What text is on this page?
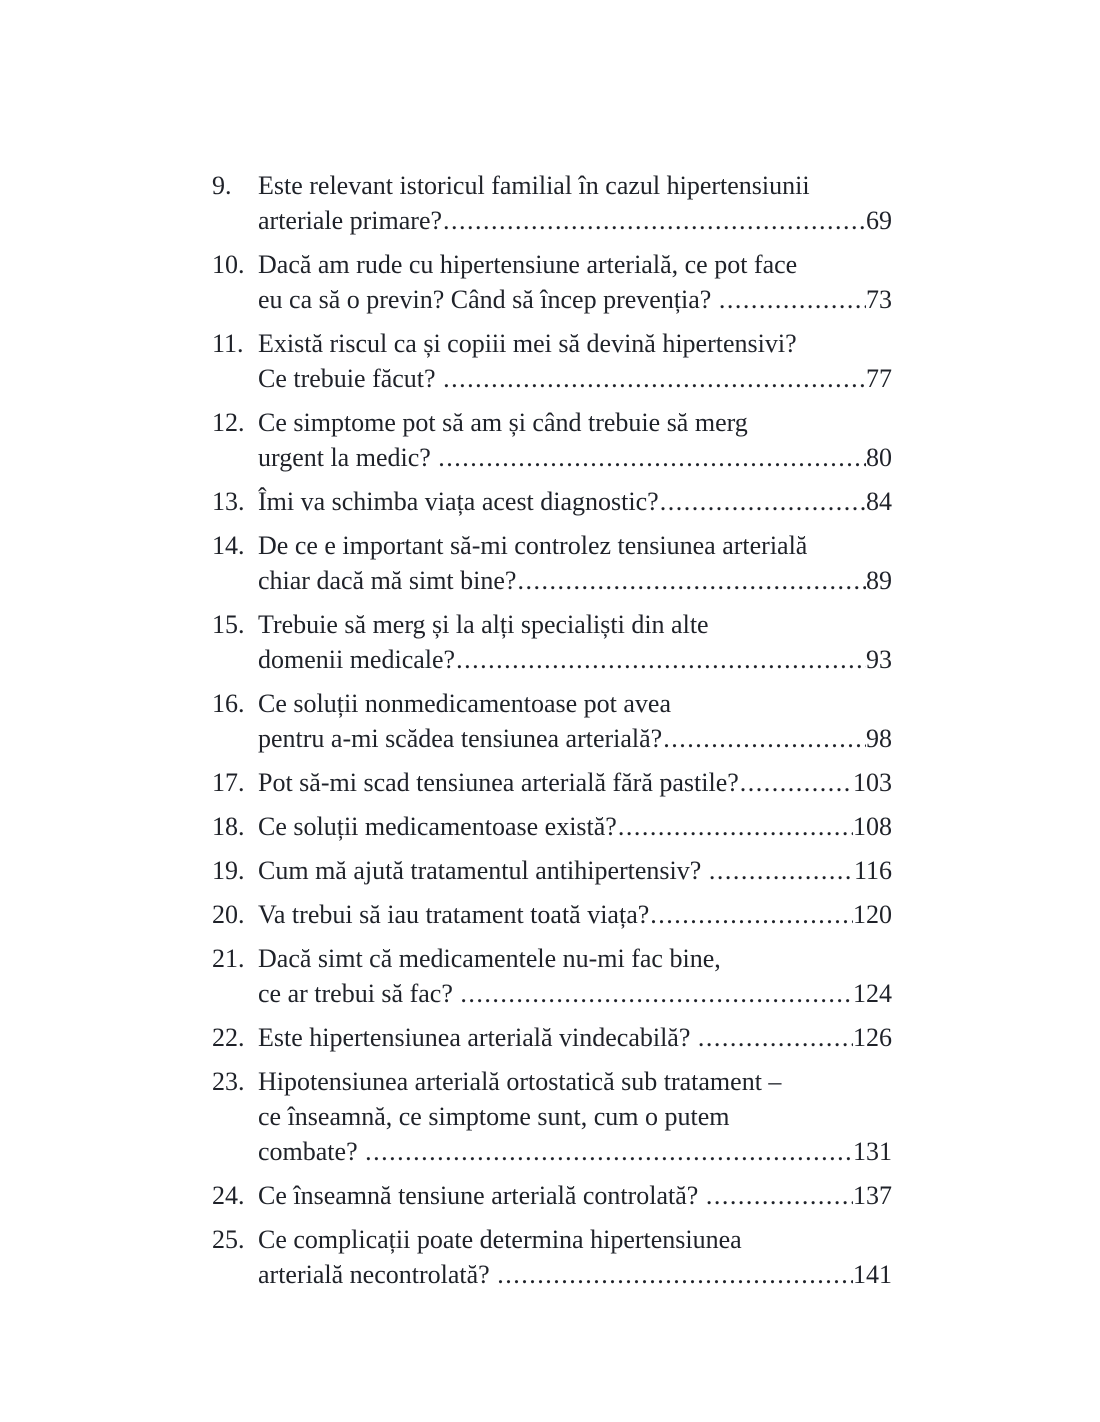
9.	Este relevant istoricul familial în cazul hipertensiunii
arteriale primare? .....	69
10. Dacă am rude cu hipertensiune arterială, ce pot face
eu ca să o previn? Când să încep prevenția? .....	73
11. Există riscul ca și copiii mei să devină hipertensivi?
Ce trebuie făcut? .....	77
12. Ce simptome pot să am și când trebuie să merg
urgent la medic? .....	80
13. Îmi va schimba viața acest diagnostic? .....	84
14. De ce e important să-mi controlez tensiunea arterială
chiar dacă mă simt bine? .....	89
15. Trebuie să merg și la alți specialiști din alte
domenii medicale? .....	93
16. Ce soluții nonmedicamentoase pot avea
pentru a-mi scădea tensiunea arterială? .....	98
17. Pot să-mi scad tensiunea arterială fără pastile? .....	103
18. Ce soluții medicamentoase există? .....	108
19. Cum mă ajută tratamentul antihipertensiv? .....	116
20. Va trebui să iau tratament toată viața? .....	120
21. Dacă simt că medicamentele nu-mi fac bine,
ce ar trebui să fac? .....	124
22. Este hipertensiunea arterială vindecabilă? .....	126
23. Hipotensiunea arterială ortostatică sub tratament –
ce înseamnă, ce simptome sunt, cum o putem
combate? .....	131
24. Ce înseamnă tensiune arterială controlată? .....	137
25. Ce complicații poate determina hipertensiunea
arterială necontrolată? .....	141
